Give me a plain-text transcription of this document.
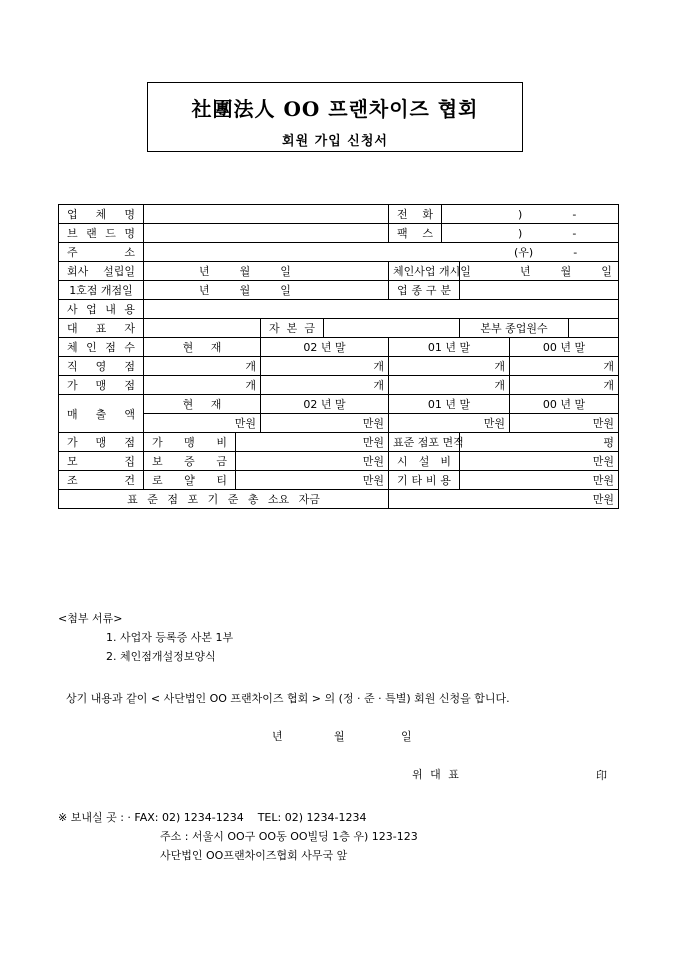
社團法人 OO 프랜차이즈 협회
회원 가입 신청서
업 체 명					전 화	) -			
브 랜 드 명					팩 스	) -			
주 소	(우) -								
회사 설립일	년 월 일				체인사업 개시일		년 월 일		
1호점 개점일	년 월 일				업 종 구 분				
사 업 내 용									
대 표 자			자 본 금				본부 종업원수		
체 인 점 수	현 재		02 년 말		01 년 말			00 년 말	
직 영 점	개		개		개			개	
가 맹 점	개		개		개			개	
매 출 액	현 재		02 년 말		01 년 말			00 년 말	
	만원		만원		만원			만원	
가 맹 점	가 맹 비	만원			표준 점포 면적		평		
모 집	보 증 금	만원			시 설 비		만원		
조 건	로 얄 티	만원			기 타 비 용		만원		
표 준 점 포 기 준 총 소요 자금					만원				
<첨부 서류>
1. 사업자 등록증 사본 1부
2. 체인점개설정보양식
상기 내용과 같이 < 사단법인 OO 프랜차이즈 협회 > 의 (정 · 준 · 특별) 회원 신청을 합니다.
년	월	일
위 대 표	印
※ 보내실 곳 : · FAX: 02) 1234-1234    TEL: 02) 1234-1234
주소 : 서울시 OO구 OO동 OO빌딩 1층 우) 123-123
사단법인 OO프랜차이즈협회 사무국 앞
